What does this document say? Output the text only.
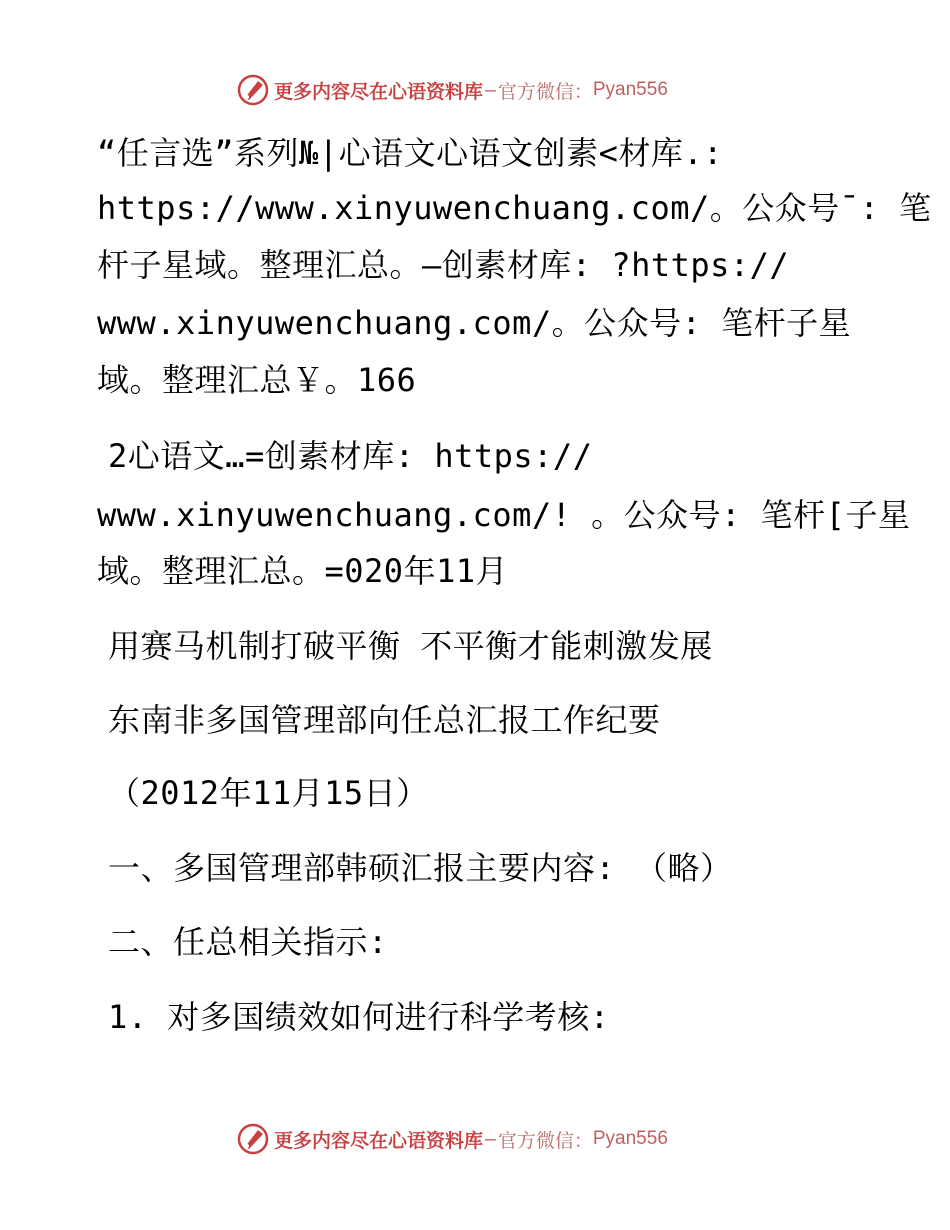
更多内容尽在心语资料库 — 官方微信： Pyan556

“任言选”系列№|心语文心语文创素<材库.:

https://www.xinyuwenchuang.com/。公众号¯: 笔

杆子星域。整理汇总。—创素材库: ?https://

www.xinyuwenchuang.com/。公众号: 笔杆子星

域。整理汇总￥。166

2心语文…=创素材库: https://

www.xinyuwenchuang.com/! 。公众号: 笔杆[子星

域。整理汇总。=020年11月

用赛马机制打破平衡 不平衡才能刺激发展

东南非多国管理部向任总汇报工作纪要

（2012年11月15日）

一、多国管理部韩硕汇报主要内容: （略）

二、任总相关指示:

1. 对多国绩效如何进行科学考核:

更多内容尽在心语资料库 — 官方微信： Pyan556
